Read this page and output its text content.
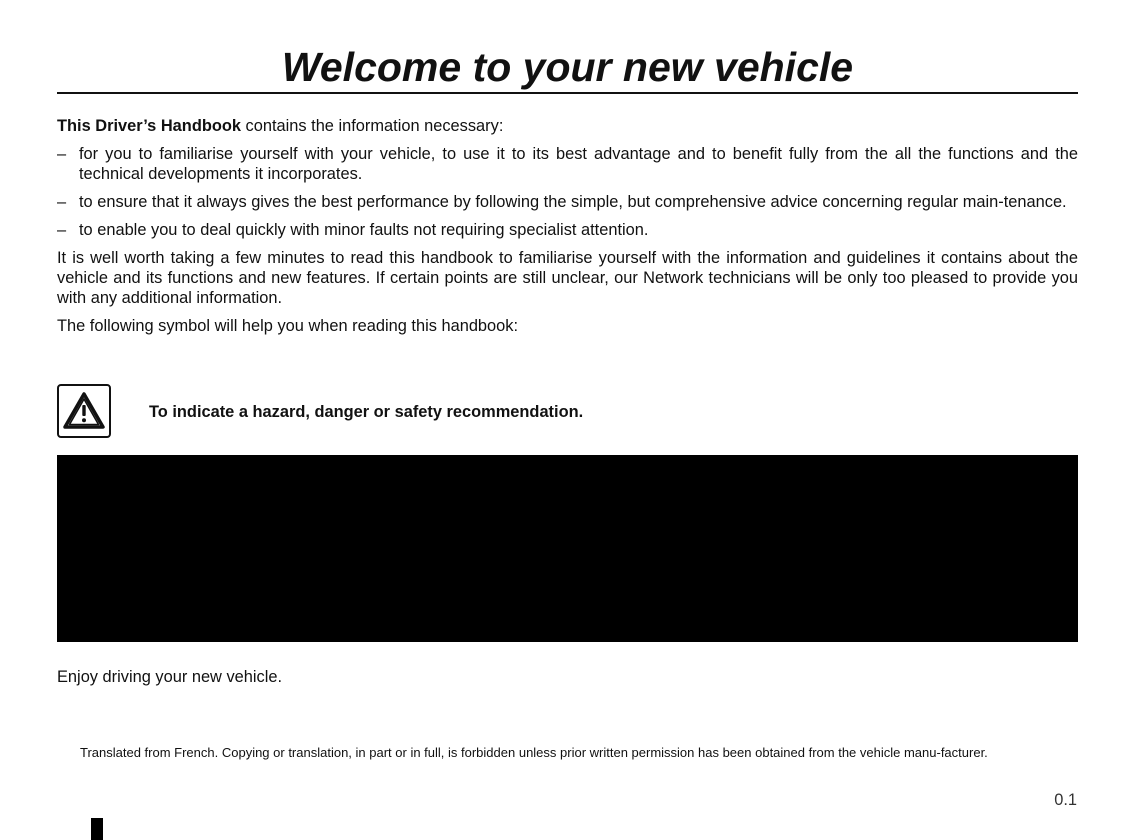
Welcome to your new vehicle

This Driver’s Handbook contains the information necessary:

– for you to familiarise yourself with your vehicle, to use it to its best advantage and to benefit fully from the all the functions and the technical developments it incorporates.
– to ensure that it always gives the best performance by following the simple, but comprehensive advice concerning regular main-tenance.
– to enable you to deal quickly with minor faults not requiring specialist attention.

It is well worth taking a few minutes to read this handbook to familiarise yourself with the information and guidelines it contains about the vehicle and its functions and new features. If certain points are still unclear, our Network technicians will be only too pleased to provide you with any additional information.

The following symbol will help you when reading this handbook:

To indicate a hazard, danger or safety recommendation.
Enjoy driving your new vehicle.
Translated from French. Copying or translation, in part or in full, is forbidden unless prior written permission has been obtained from the vehicle manu-facturer.
0.1
